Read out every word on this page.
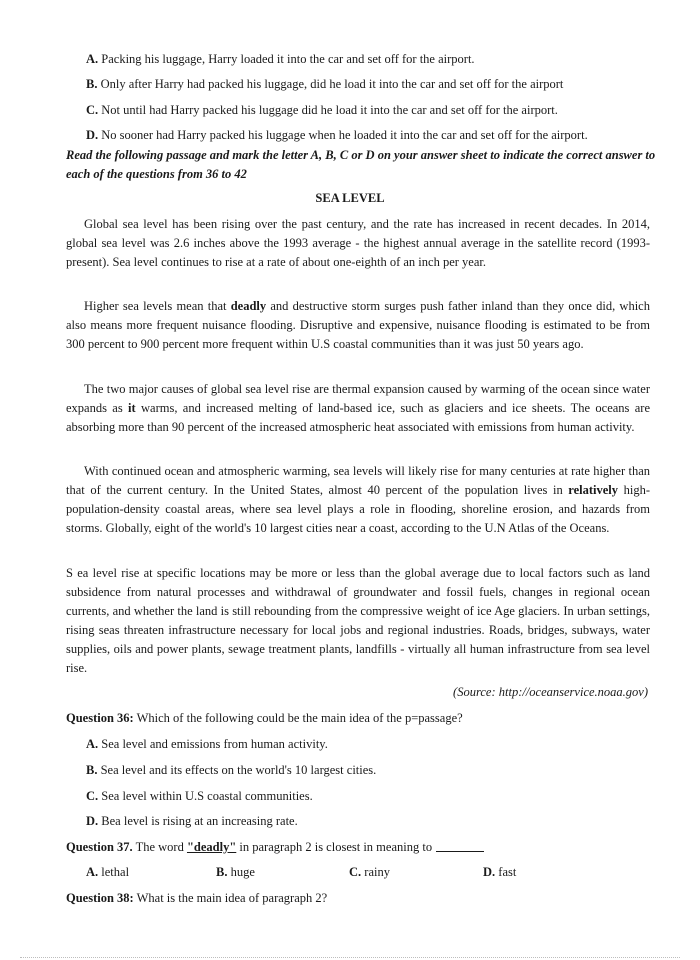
A. Packing his luggage, Harry loaded it into the car and set off for the airport.
B. Only after Harry had packed his luggage, did he load it into the car and set off for the airport
C. Not until had Harry packed his luggage did he load it into the car and set off for the airport.
D. No sooner had Harry packed his luggage when he loaded it into the car and set off for the airport.
Read the following passage and mark the letter A, B, C or D on your answer sheet to indicate the correct answer to each of the questions from 36 to 42
SEA LEVEL
Global sea level has been rising over the past century, and the rate has increased in recent decades. In 2014, global sea level was 2.6 inches above the 1993 average - the highest annual average in the satellite record (1993-present). Sea level continues to rise at a rate of about one-eighth of an inch per year.
Higher sea levels mean that deadly and destructive storm surges push father inland than they once did, which also means more frequent nuisance flooding. Disruptive and expensive, nuisance flooding is estimated to be from 300 percent to 900 percent more frequent within U.S coastal communities than it was just 50 years ago.
The two major causes of global sea level rise are thermal expansion caused by warming of the ocean since water expands as it warms, and increased melting of land-based ice, such as glaciers and ice sheets. The oceans are absorbing more than 90 percent of the increased atmospheric heat associated with emissions from human activity.
With continued ocean and atmospheric warming, sea levels will likely rise for many centuries at rate higher than that of the current century. In the United States, almost 40 percent of the population lives in relatively high-population-density coastal areas, where sea level plays a role in flooding, shoreline erosion, and hazards from storms. Globally, eight of the world's 10 largest cities near a coast, according to the U.N Atlas of the Oceans.
S ea level rise at specific locations may be more or less than the global average due to local factors such as land subsidence from natural processes and withdrawal of groundwater and fossil fuels, changes in regional ocean currents, and whether the land is still rebounding from the compressive weight of ice Age glaciers. In urban settings, rising seas threaten infrastructure necessary for local jobs and regional industries. Roads, bridges, subways, water supplies, oils and power plants, sewage treatment plants, landfills - virtually all human infrastructure from sea level rise.
(Source: http://oceanservice.noaa.gov)
Question 36: Which of the following could be the main idea of the p=passage?
A. Sea level and emissions from human activity.
B. Sea level and its effects on the world's 10 largest cities.
C. Sea level within U.S coastal communities.
D. Bea level is rising at an increasing rate.
Question 37. The word "deadly" in paragraph 2 is closest in meaning to
A. lethal	B. huge	C. rainy	D. fast
Question 38: What is the main idea of paragraph 2?
